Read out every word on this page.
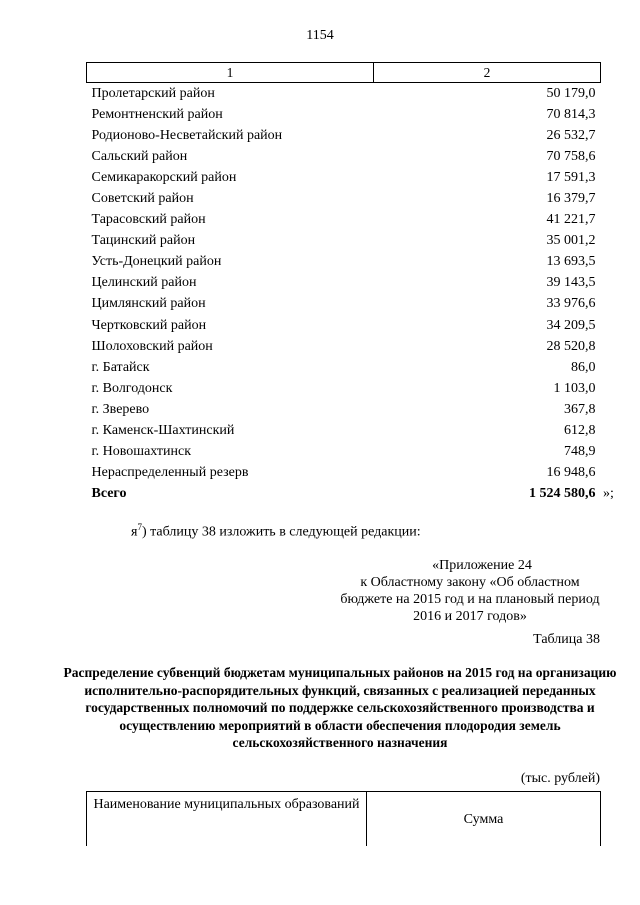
1154
1	2
Пролетарский район	50 179,0
Ремонтненский район	70 814,3
Родионово-Несветайский район	26 532,7
Сальский район	70 758,6
Семикаракорский район	17 591,3
Советский район	16 379,7
Тарасовский район	41 221,7
Тацинский район	35 001,2
Усть-Донецкий район	13 693,5
Целинский район	39 143,5
Цимлянский район	33 976,6
Чертковский район	34 209,5
Шолоховский район	28 520,8
г. Батайск	86,0
г. Волгодонск	1 103,0
г. Зверево	367,8
г. Каменск-Шахтинский	612,8
г. Новошахтинск	748,9
Нераспределенный резерв	16 948,6
Всего	1 524 580,6 »;
$я^7$) таблицу 38 изложить в следующей редакции:
«Приложение 24
к Областному закону «Об областном бюджете на 2015 год и на плановый период 2016 и 2017 годов»
Таблица 38
Распределение субвенций бюджетам муниципальных районов на 2015 год на организацию исполнительно-распорядительных функций, связанных с реализацией переданных государственных полномочий по поддержке сельскохозяйственного производства и осуществлению мероприятий в области обеспечения плодородия земель сельскохозяйственного назначения
(тыс. рублей)
Наименование муниципальных образований	Сумма
